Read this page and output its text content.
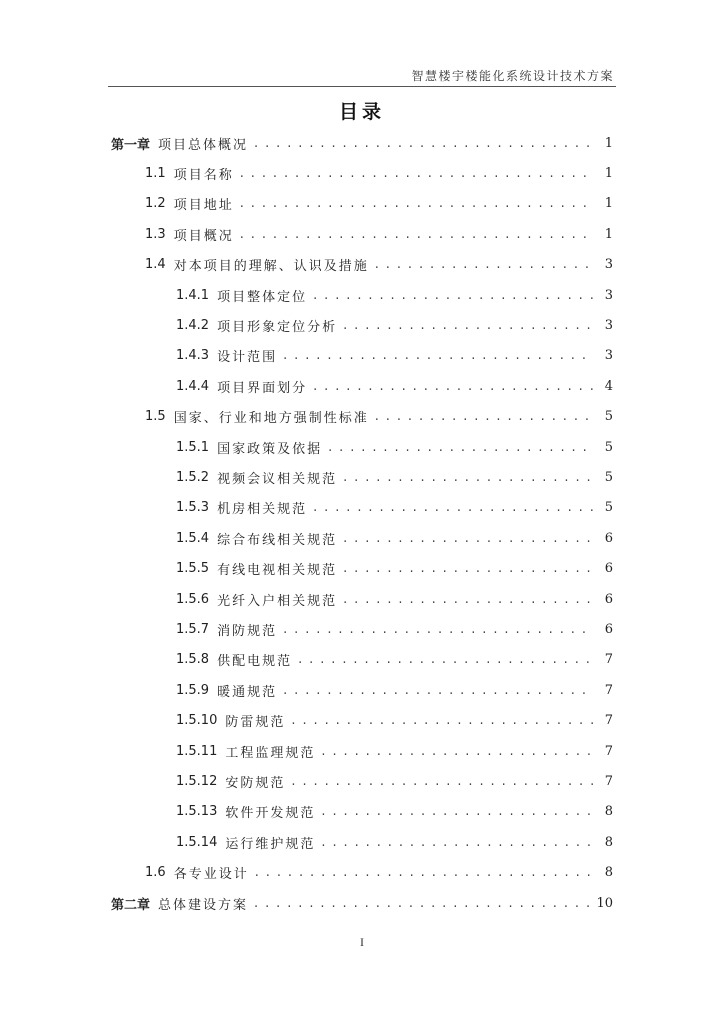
智慧楼宇楼能化系统设计技术方案
目录
第一章 项目总体概况 . . .	1
1.1 项目名称 . . .	1
1.2 项目地址 . . .	1
1.3 项目概况 . . .	1
1.4 对本项目的理解、认识及措施 . . .	3
1.4.1 项目整体定位 . . .	3
1.4.2 项目形象定位分析 . . .	3
1.4.3 设计范围 . . .	3
1.4.4 项目界面划分 . . .	4
1.5 国家、行业和地方强制性标准 . . .	5
1.5.1 国家政策及依据 . . .	5
1.5.2 视频会议相关规范 . . .	5
1.5.3 机房相关规范 . . .	5
1.5.4 综合布线相关规范 . . .	6
1.5.5 有线电视相关规范 . . .	6
1.5.6 光纤入户相关规范 . . .	6
1.5.7 消防规范 . . .	6
1.5.8 供配电规范 . . .	7
1.5.9 暖通规范 . . .	7
1.5.10 防雷规范 . . .	7
1.5.11 工程监理规范 . . .	7
1.5.12 安防规范 . . .	7
1.5.13 软件开发规范 . . .	8
1.5.14 运行维护规范 . . .	8
1.6 各专业设计 . . .	8
第二章 总体建设方案 . . .	10
I
